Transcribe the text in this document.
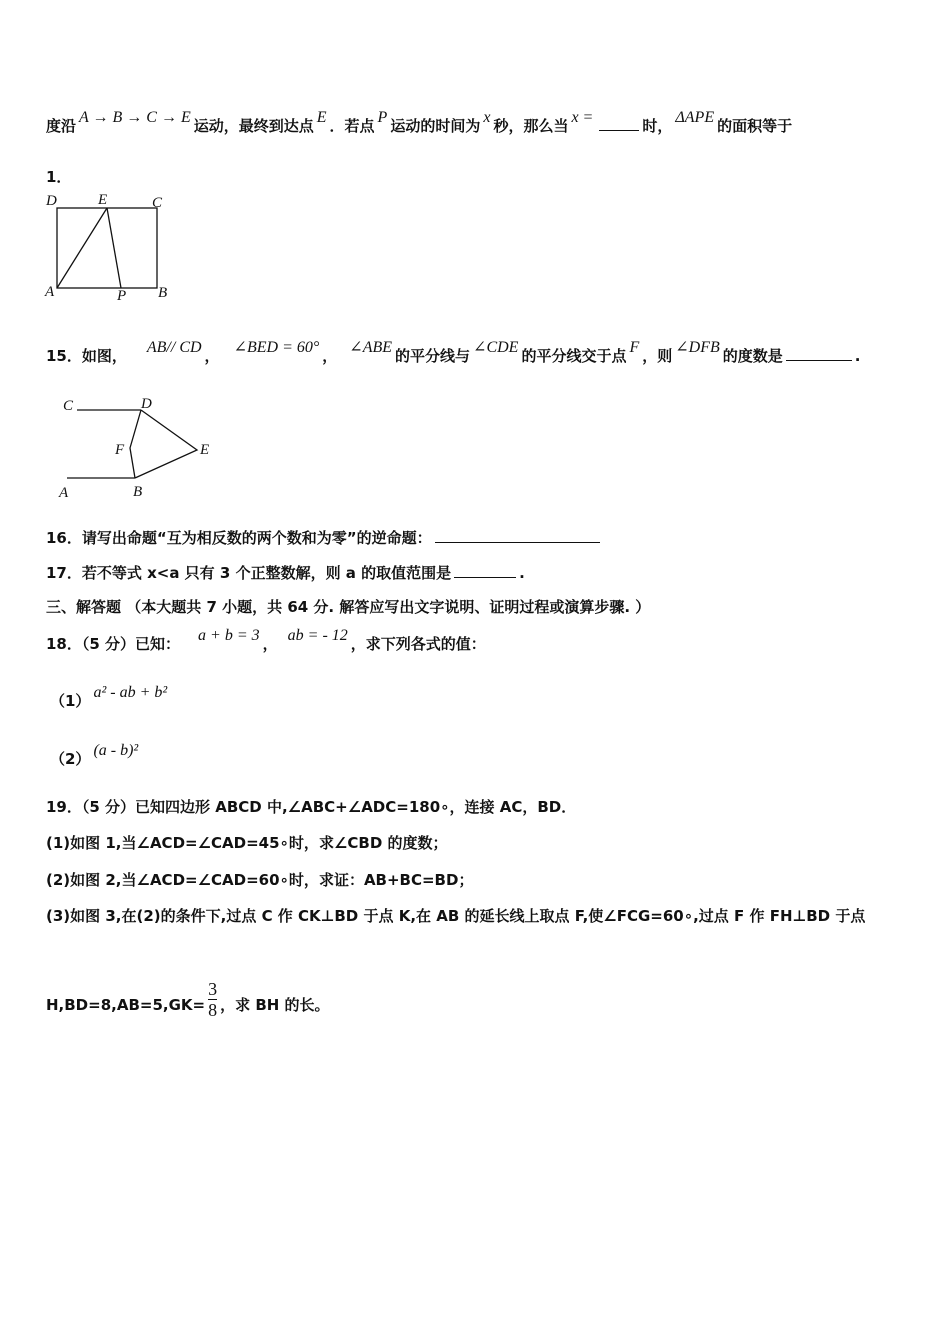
度沿 A → B → C → E 运动，最终到达点 E ．若点 P 运动的时间为 x 秒，那么当 x =	时， ΔAPE 的面积等于
1．
D	E	C
A	P B
15．如图， AB// CD ， ∠BED = 60° ， ∠ABE 的平分线与 ∠CDE 的平分线交于点 F ，则 ∠DFB 的度数是	.
C	D
F	E
A	B
16．请写出命题“互为相反数的两个数和为零”的逆命题：
17．若不等式 x<a 只有 3 个正整数解，则 a 的取值范围是	.
三、解答题 （本大题共 7 小题，共 64 分. 解答应写出文字说明、证明过程或演算步骤. ）
18．（5 分）已知： a + b = 3 ， ab = - 12 ，求下列各式的值：
（1） a² - ab + b²
（2） (a - b)²
19．（5 分）已知四边形 ABCD 中,∠ABC+∠ADC=180∘，连接 AC，BD．
(1)如图 1,当∠ACD=∠CAD=45∘时，求∠CBD 的度数；
(2)如图 2,当∠ACD=∠CAD=60∘时，求证：AB+BC=BD；
(3)如图 3,在(2)的条件下,过点 C 作 CK⊥BD 于点 K,在 AB 的延长线上取点 F,使∠FCG=60∘,过点 F 作 FH⊥BD 于点
$H,BD=8,AB=5,GK= \frac{3}{8}$ ，求 BH 的长。
